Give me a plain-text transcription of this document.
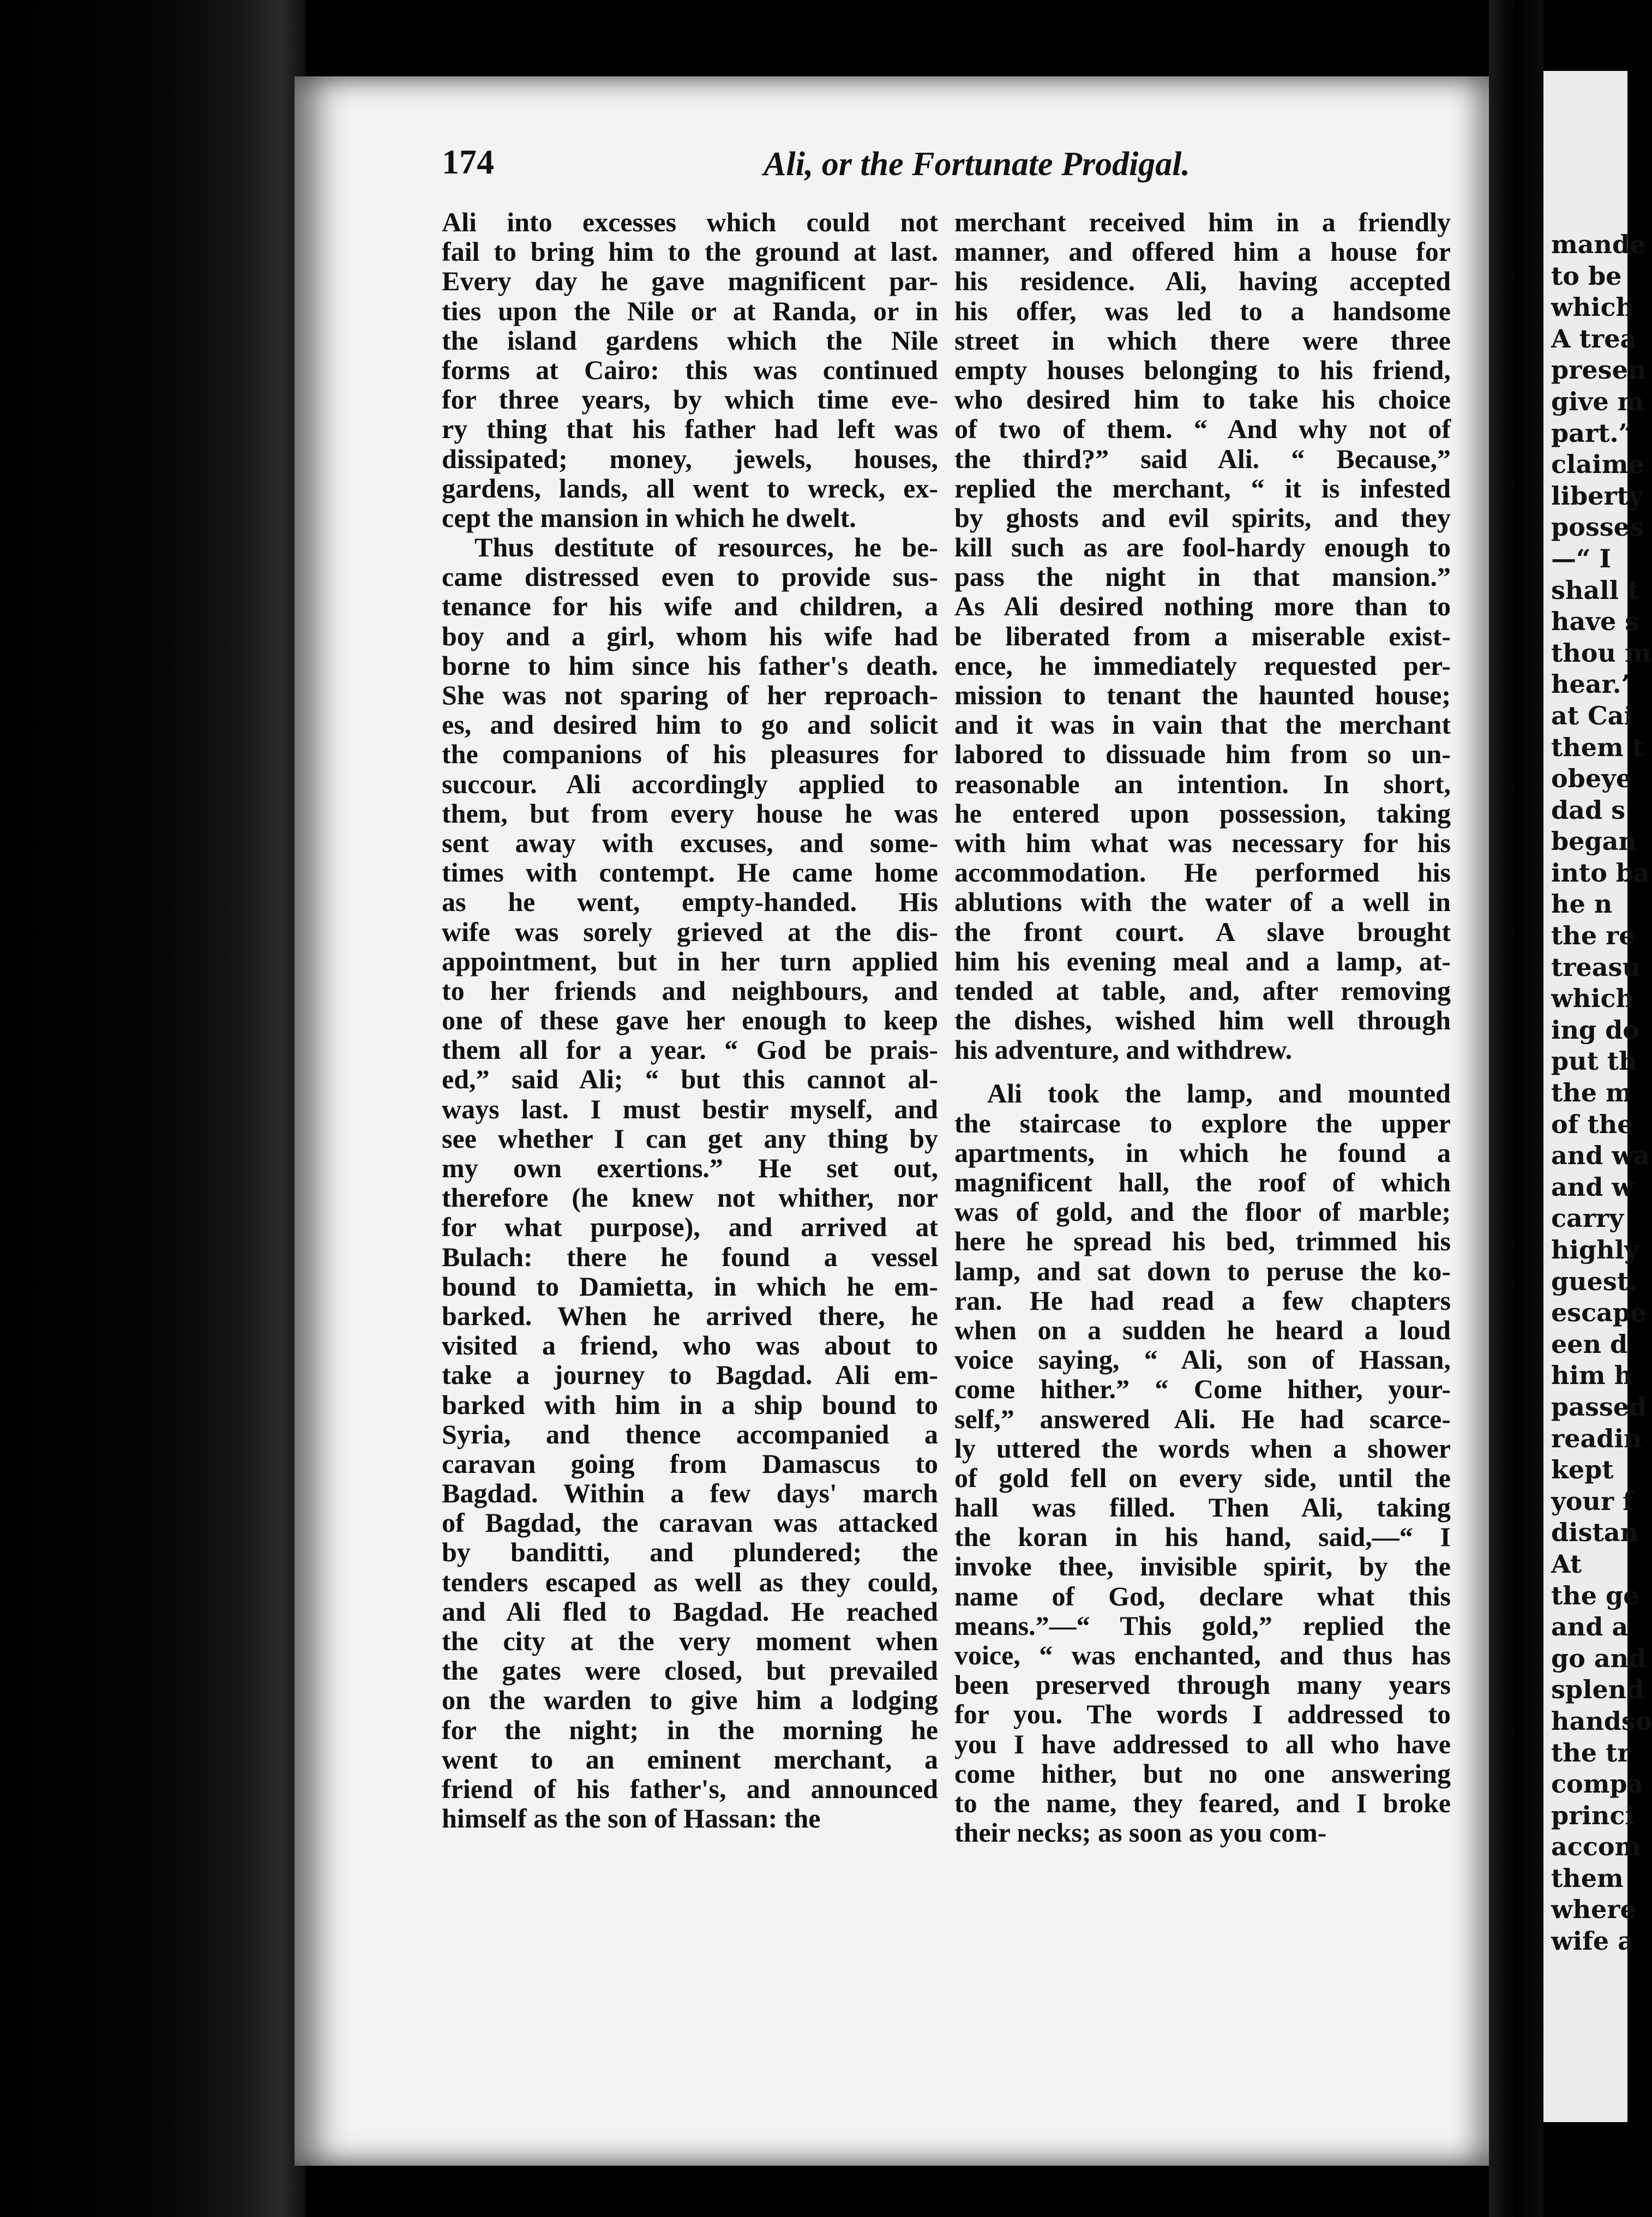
174	Ali, or the Fortunate Prodigal.
Ali into excesses which could not
fail to bring him to the ground at last.
Every day he gave magnificent par-
ties upon the Nile or at Randa, or in
the island gardens which the Nile
forms at Cairo: this was continued
for three years, by which time eve-
ry thing that his father had left was
dissipated; money, jewels, houses,
gardens, lands, all went to wreck, ex-
cept the mansion in which he dwelt.
Thus destitute of resources, he be-
came distressed even to provide sus-
tenance for his wife and children, a
boy and a girl, whom his wife had
borne to him since his father's death.
She was not sparing of her reproach-
es, and desired him to go and solicit
the companions of his pleasures for
succour. Ali accordingly applied to
them, but from every house he was
sent away with excuses, and some-
times with contempt. He came home
as he went, empty-handed. His
wife was sorely grieved at the dis-
appointment, but in her turn applied
to her friends and neighbours, and
one of these gave her enough to keep
them all for a year. “ God be prais-
ed,” said Ali; “ but this cannot al-
ways last. I must bestir myself, and
see whether I can get any thing by
my own exertions.” He set out,
therefore (he knew not whither, nor
for what purpose), and arrived at
Bulach: there he found a vessel
bound to Damietta, in which he em-
barked. When he arrived there, he
visited a friend, who was about to
take a journey to Bagdad. Ali em-
barked with him in a ship bound to
Syria, and thence accompanied a
caravan going from Damascus to
Bagdad. Within a few days' march
of Bagdad, the caravan was attacked
by banditti, and plundered; the
tenders escaped as well as they could,
and Ali fled to Bagdad. He reached
the city at the very moment when
the gates were closed, but prevailed
on the warden to give him a lodging
for the night; in the morning he
went to an eminent merchant, a
friend of his father's, and announced
himself as the son of Hassan: the
merchant received him in a friendly
manner, and offered him a house for
his residence. Ali, having accepted
his offer, was led to a handsome
street in which there were three
empty houses belonging to his friend,
who desired him to take his choice
of two of them. “ And why not of
the third?” said Ali. “ Because,”
replied the merchant, “ it is infested
by ghosts and evil spirits, and they
kill such as are fool-hardy enough to
pass the night in that mansion.”
As Ali desired nothing more than to
be liberated from a miserable exist-
ence, he immediately requested per-
mission to tenant the haunted house;
and it was in vain that the merchant
labored to dissuade him from so un-
reasonable an intention. In short,
he entered upon possession, taking
with him what was necessary for his
accommodation. He performed his
ablutions with the water of a well in
the front court. A slave brought
him his evening meal and a lamp, at-
tended at table, and, after removing
the dishes, wished him well through
his adventure, and withdrew.
Ali took the lamp, and mounted
the staircase to explore the upper
apartments, in which he found a
magnificent hall, the roof of which
was of gold, and the floor of marble;
here he spread his bed, trimmed his
lamp, and sat down to peruse the ko-
ran. He had read a few chapters
when on a sudden he heard a loud
voice saying, “ Ali, son of Hassan,
come hither.” “ Come hither, your-
self,” answered Ali. He had scarce-
ly uttered the words when a shower
of gold fell on every side, until the
hall was filled. Then Ali, taking
the koran in his hand, said,—“ I
invoke thee, invisible spirit, by the
name of God, declare what this
means.”—“ This gold,” replied the
voice, “ was enchanted, and thus has
been preserved through many years
for you. The words I addressed to
you I have addressed to all who have
come hither, but no one answering
to the name, they feared, and I broke
their necks; as soon as you com-
mande
to be
which
A trea
presen
give m
part.”
claime
liberty
posses
—“ I
shall t
have s
thou m
hear.’
at Cai
them t
obeye
dad s
began
into ba
he n
the re
treasu
which
ing do
put th
the m
of the
and wa
and w
carry
highly
guest.
escape
een d
him h
passed
readin
kept
your f
distan
At
the ge
and a
go and
splend
handso
the tr
compa
princi
accom
them
where
wife a
